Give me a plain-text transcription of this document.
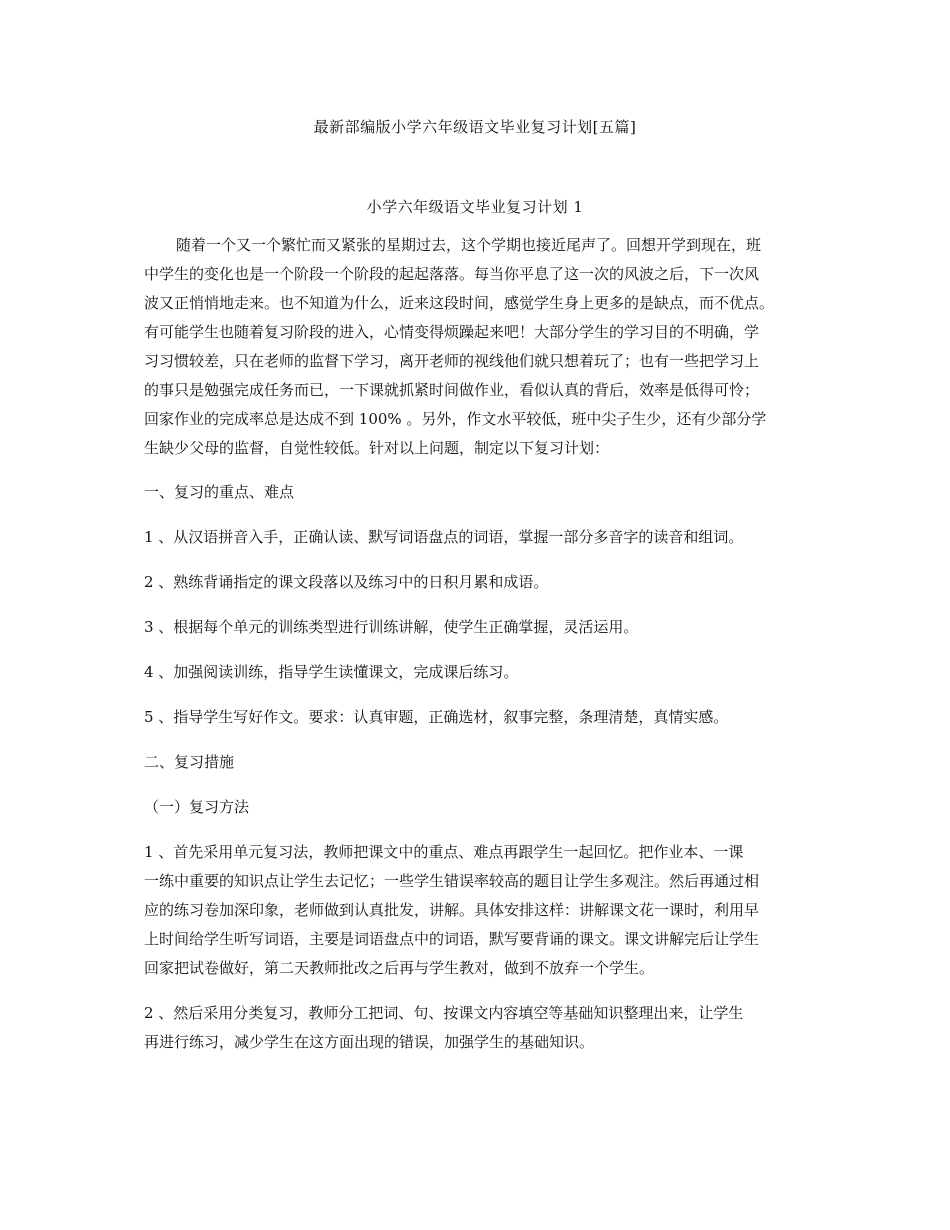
最新部编版小学六年级语文毕业复习计划[五篇]
小学六年级语文毕业复习计划 1
随着一个又一个繁忙而又紧张的星期过去，这个学期也接近尾声了。回想开学到现在，班
中学生的变化也是一个阶段一个阶段的起起落落。每当你平息了这一次的风波之后，下一次风
波又正悄悄地走来。也不知道为什么，近来这段时间，感觉学生身上更多的是缺点，而不优点。
有可能学生也随着复习阶段的进入，心情变得烦躁起来吧！大部分学生的学习目的不明确，学
习习惯较差，只在老师的监督下学习，离开老师的视线他们就只想着玩了；也有一些把学习上
的事只是勉强完成任务而已，一下课就抓紧时间做作业，看似认真的背后，效率是低得可怜；
回家作业的完成率总是达成不到 100% 。另外，作文水平较低，班中尖子生少，还有少部分学
生缺少父母的监督，自觉性较低。针对以上问题，制定以下复习计划：
一、复习的重点、难点
1 、从汉语拼音入手，正确认读、默写词语盘点的词语，掌握一部分多音字的读音和组词。
2 、熟练背诵指定的课文段落以及练习中的日积月累和成语。
3 、根据每个单元的训练类型进行训练讲解，使学生正确掌握，灵活运用。
4 、加强阅读训练，指导学生读懂课文，完成课后练习。
5 、指导学生写好作文。要求：认真审题，正确选材，叙事完整，条理清楚，真情实感。
二、复习措施
（一）复习方法
1 、首先采用单元复习法，教师把课文中的重点、难点再跟学生一起回忆。把作业本、一课
一练中重要的知识点让学生去记忆；一些学生错误率较高的题目让学生多观注。然后再通过相
应的练习卷加深印象，老师做到认真批发，讲解。具体安排这样：讲解课文花一课时，利用早
上时间给学生听写词语，主要是词语盘点中的词语，默写要背诵的课文。课文讲解完后让学生
回家把试卷做好，第二天教师批改之后再与学生教对，做到不放弃一个学生。
2 、然后采用分类复习，教师分工把词、句、按课文内容填空等基础知识整理出来，让学生
再进行练习，减少学生在这方面出现的错误，加强学生的基础知识。
